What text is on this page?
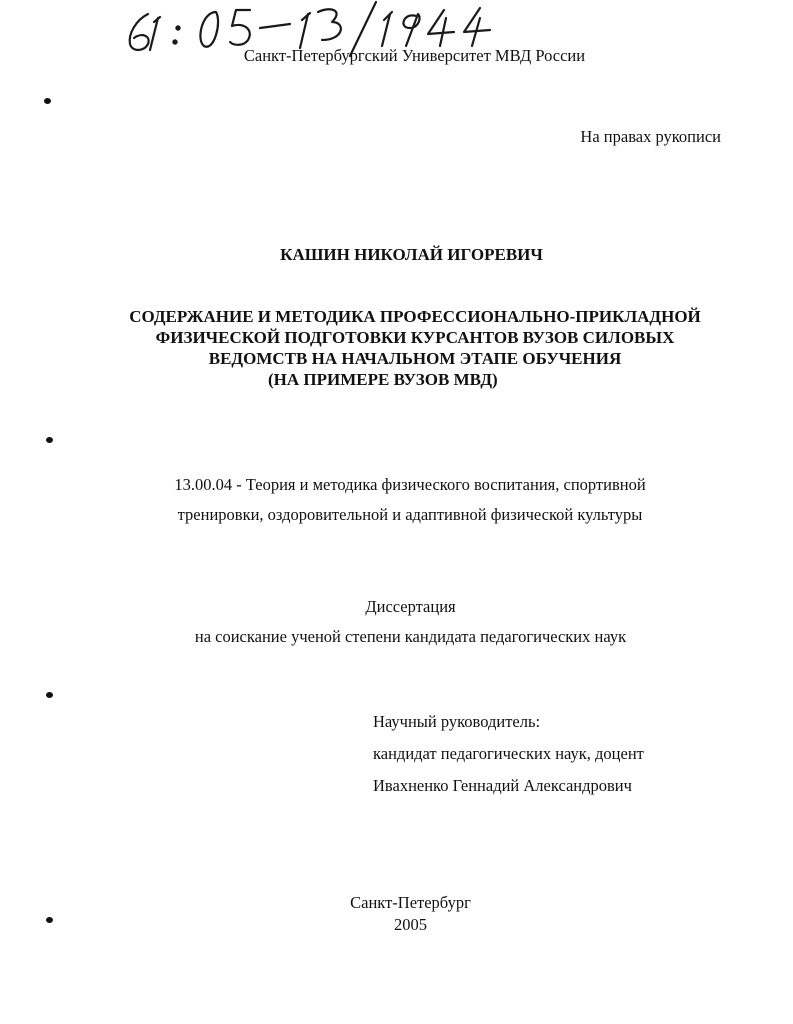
Санкт-Петербургский Университет МВД России
На правах рукописи
КАШИН НИКОЛАЙ ИГОРЕВИЧ
СОДЕРЖАНИЕ И МЕТОДИКА ПРОФЕССИОНАЛЬНО-ПРИКЛАДНОЙ
ФИЗИЧЕСКОЙ ПОДГОТОВКИ КУРСАНТОВ ВУЗОВ СИЛОВЫХ
ВЕДОМСТВ НА НАЧАЛЬНОМ ЭТАПЕ ОБУЧЕНИЯ
(НА ПРИМЕРЕ ВУЗОВ МВД)
13.00.04 - Теория и методика физического воспитания, спортивной
тренировки, оздоровительной и адаптивной физической культуры
Диссертация
на соискание ученой степени кандидата педагогических наук
Научный руководитель:
кандидат педагогических наук, доцент
Ивахненко Геннадий Александрович
Санкт-Петербург
2005
